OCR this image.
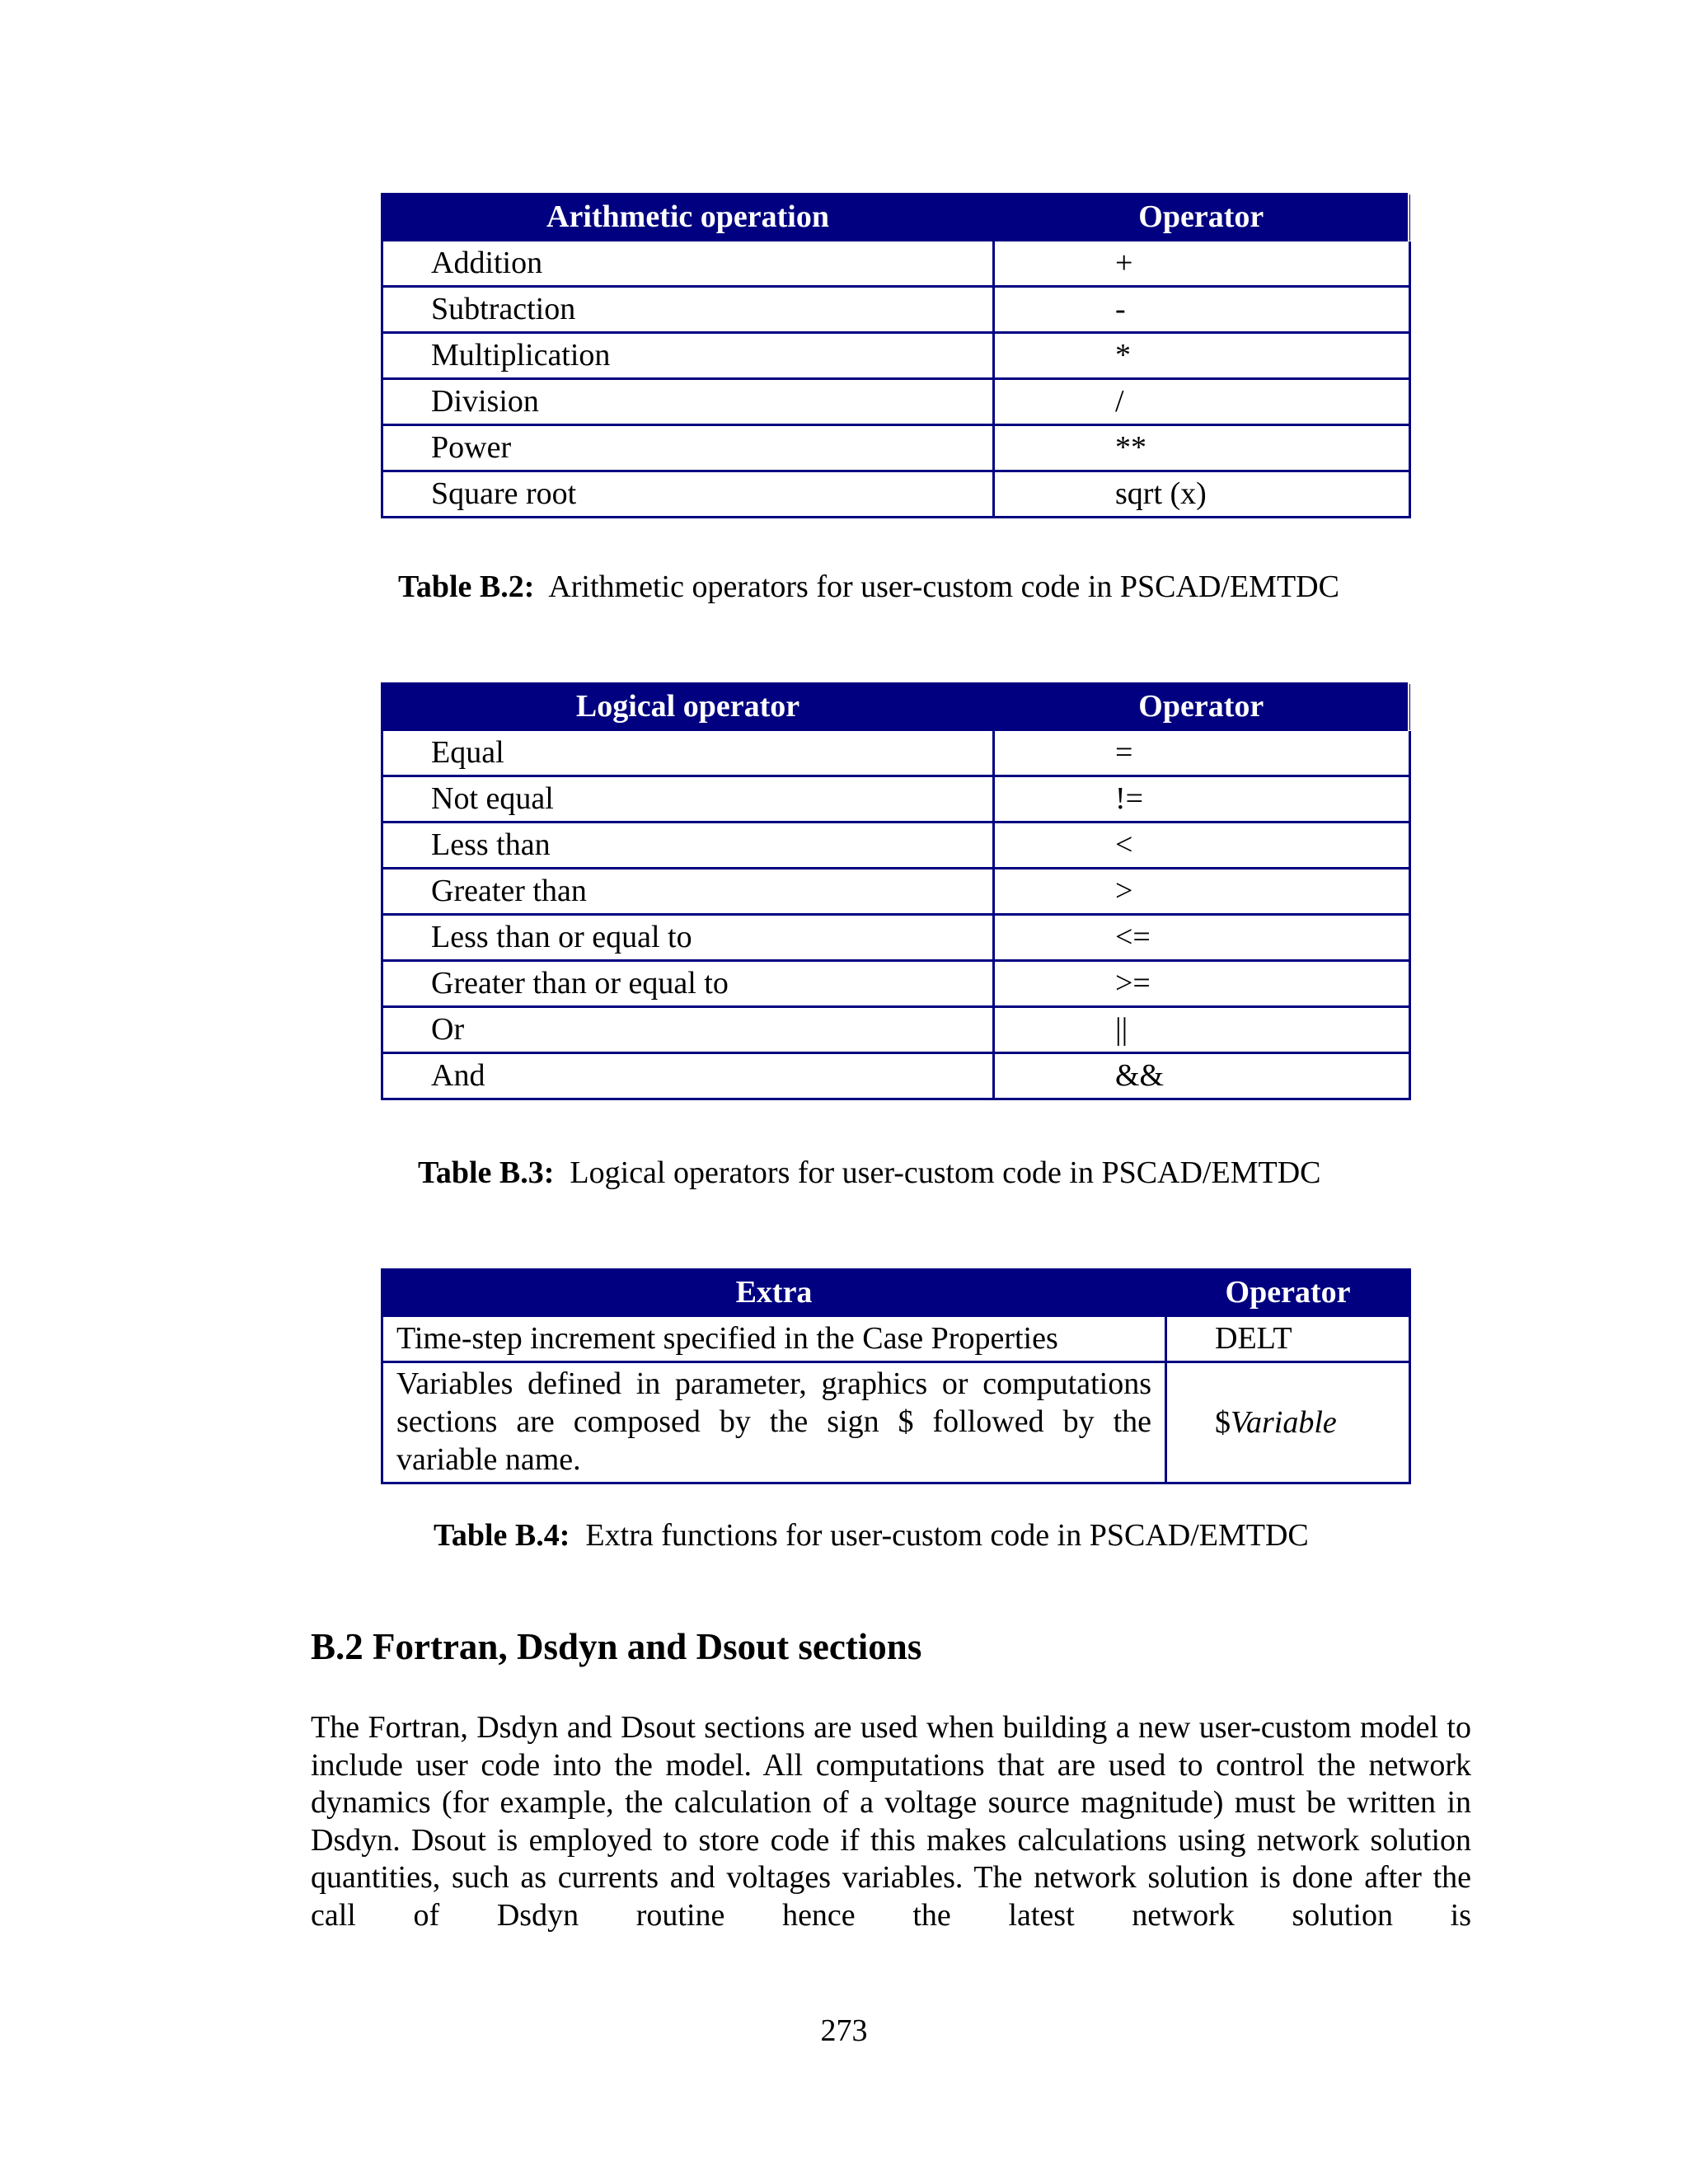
Arithmetic operation	Operator
Addition	+
Subtraction	-
Multiplication	*
Division	/
Power	**
Square root	sqrt (x)
Table B.2: Arithmetic operators for user-custom code in PSCAD/EMTDC
Logical operator	Operator
Equal	=
Not equal	!=
Less than	<
Greater than	>
Less than or equal to	<=
Greater than or equal to	>=
Or	||
And	&&
Table B.3: Logical operators for user-custom code in PSCAD/EMTDC
Extra	Operator
Time-step increment specified in the Case Properties	DELT
Variables defined in parameter, graphics or computations sections are composed by the sign $ followed by the variable name.	$Variable
Table B.4: Extra functions for user-custom code in PSCAD/EMTDC
B.2 Fortran, Dsdyn and Dsout sections
The Fortran, Dsdyn and Dsout sections are used when building a new user-custom model to include user code into the model. All computations that are used to control the network dynamics (for example, the calculation of a voltage source magnitude) must be written in Dsdyn. Dsout is employed to store code if this makes calculations using network solution quantities, such as currents and voltages variables. The network solution is done after the call of Dsdyn routine hence the latest network solution is
273
